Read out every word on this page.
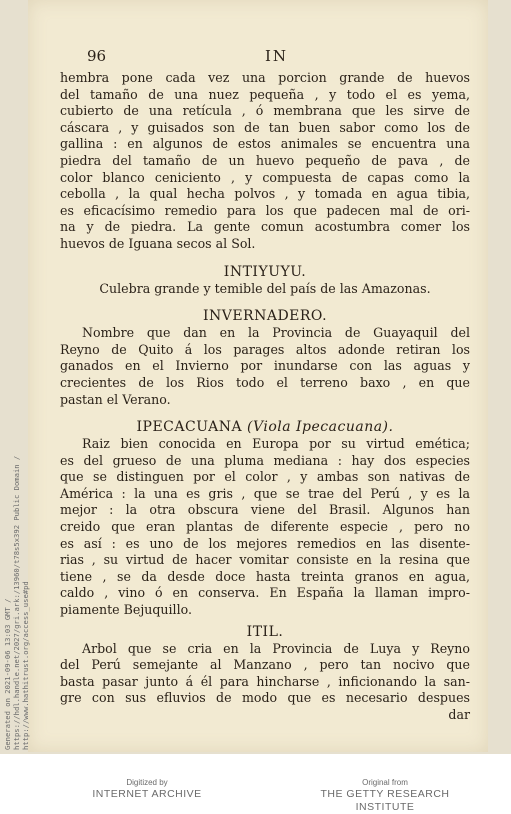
Generated on 2021-09-06 13:03 GMT / https://hdl.handle.net/2027/gri.ark:/13960/t78s5x392 Public Domain / http://www.hathitrust.org/access_use#pd
96	IN
hembra pone cada vez una porcion grande de huevos
del tamaño de una nuez pequeña , y todo el es yema,
cubierto de una retícula , ó membrana que les sirve de
cáscara , y guisados son de tan buen sabor como los de
gallina : en algunos de estos animales se encuentra una
piedra del tamaño de un huevo pequeño de pava , de
color blanco ceniciento , y compuesta de capas como la
cebolla , la qual hecha polvos , y tomada en agua tibia,
es eficacísimo remedio para los que padecen mal de ori-
na y de piedra. La gente comun acostumbra comer los
huevos de Iguana secos al Sol.
INTIYUYU.
Culebra grande y temible del país de las Amazonas.
INVERNADERO.
Nombre que dan en la Provincia de Guayaquil del
Reyno de Quito á los parages altos adonde retiran los
ganados en el Invierno por inundarse con las aguas y
crecientes de los Rios todo el terreno baxo , en que
pastan el Verano.
IPECACUANA (Viola Ipecacuana).
Raiz bien conocida en Europa por su virtud emética;
es del grueso de una pluma mediana : hay dos especies
que se distinguen por el color , y ambas son nativas de
América : la una es gris , que se trae del Perú , y es la
mejor : la otra obscura viene del Brasil. Algunos han
creido que eran plantas de diferente especie , pero no
es así : es uno de los mejores remedios en las disente-
rias , su virtud de hacer vomitar consiste en la resina que
tiene , se da desde doce hasta treinta granos en agua,
caldo , vino ó en conserva. En España la llaman impro-
piamente Bejuquillo.
ITIL.
Arbol que se cria en la Provincia de Luya y Reyno
del Perú semejante al Manzano , pero tan nocivo que
basta pasar junto á él para hincharse , inficionando la san-
gre con sus efluvios de modo que es necesario despues
dar
Digitized by
INTERNET ARCHIVE
Original from
THE GETTY RESEARCH INSTITUTE
